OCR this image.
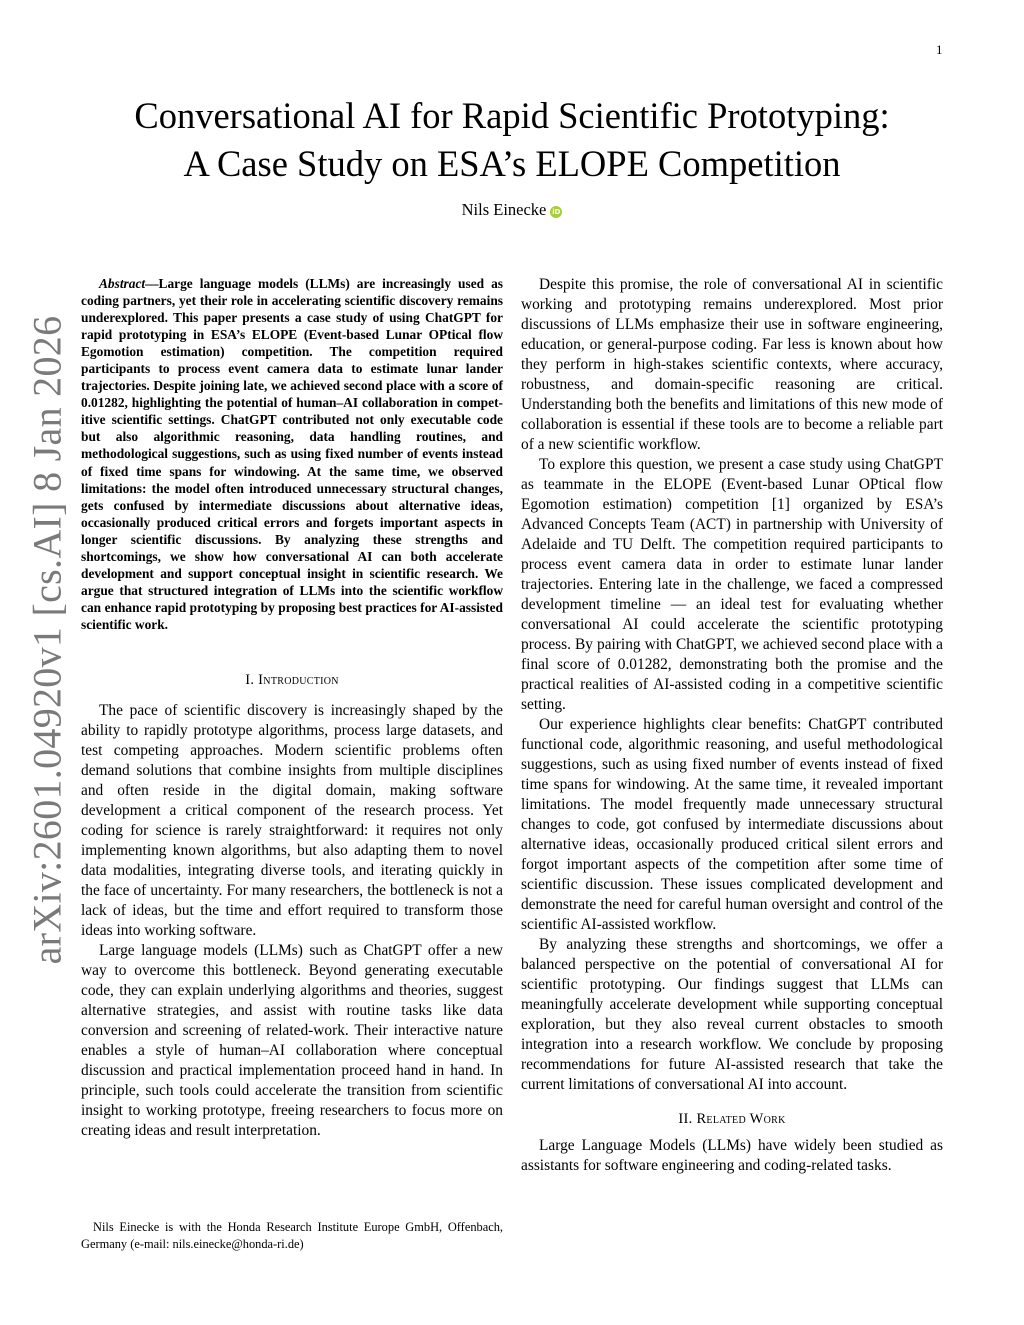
1
arXiv:2601.04920v1 [cs.AI] 8 Jan 2026
Conversational AI for Rapid Scientific Prototyping:
A Case Study on ESA’s ELOPE Competition
Nils Einecke iD

Abstract—Large language models (LLMs) are increasingly used as coding partners, yet their role in accelerating scientific discovery remains underexplored. This paper presents a case study of using ChatGPT for rapid prototyping in ESA’s ELOPE (Event-based Lunar OPtical flow Egomotion estimation) competition. The competition required participants to process event camera data to estimate lunar lander trajectories. Despite joining late, we achieved second place with a score of 0.01282, highlighting the potential of human–AI collaboration in competitive scientific settings. ChatGPT contributed not only executable code but also algorithmic reasoning, data handling routines, and methodological suggestions, such as using fixed number of events instead of fixed time spans for windowing. At the same time, we observed limitations: the model often introduced unnecessary structural changes, gets confused by intermediate discussions about alternative ideas, occasionally produced critical errors and forgets important aspects in longer scientific discussions. By analyzing these strengths and shortcomings, we show how conversational AI can both accelerate development and support conceptual insight in scientific research. We argue that structured integration of LLMs into the scientific workflow can enhance rapid prototyping by proposing best practices for AI-assisted scientific work.

I. Introduction

The pace of scientific discovery is increasingly shaped by the ability to rapidly prototype algorithms, process large datasets, and test competing approaches. Modern scientific problems often demand solutions that combine insights from multiple disciplines and often reside in the digital domain, making software development a critical component of the research process. Yet coding for science is rarely straightforward: it requires not only implementing known algorithms, but also adapting them to novel data modalities, integrating diverse tools, and iterating quickly in the face of uncertainty. For many researchers, the bottleneck is not a lack of ideas, but the time and effort required to transform those ideas into working software.

Large language models (LLMs) such as ChatGPT offer a new way to overcome this bottleneck. Beyond generating executable code, they can explain underlying algorithms and theories, suggest alternative strategies, and assist with routine tasks like data conversion and screening of related-work. Their interactive nature enables a style of human–AI collaboration where conceptual discussion and practical implementation proceed hand in hand. In principle, such tools could accelerate the transition from scientific insight to working prototype, freeing researchers to focus more on creating ideas and result interpretation.

Despite this promise, the role of conversational AI in scientific working and prototyping remains underexplored. Most prior discussions of LLMs emphasize their use in software engineering, education, or general-purpose coding. Far less is known about how they perform in high-stakes scientific contexts, where accuracy, robustness, and domain-specific reasoning are critical. Understanding both the benefits and limitations of this new mode of collaboration is essential if these tools are to become a reliable part of a new scientific workflow.

To explore this question, we present a case study using ChatGPT as teammate in the ELOPE (Event-based Lunar OPtical flow Egomotion estimation) competition [1] organized by ESA’s Advanced Concepts Team (ACT) in partnership with University of Adelaide and TU Delft. The competition required participants to process event camera data in order to estimate lunar lander trajectories. Entering late in the challenge, we faced a compressed development timeline — an ideal test for evaluating whether conversational AI could accelerate the scientific prototyping process. By pairing with ChatGPT, we achieved second place with a final score of 0.01282, demonstrating both the promise and the practical realities of AI-assisted coding in a competitive scientific setting.

Our experience highlights clear benefits: ChatGPT contributed functional code, algorithmic reasoning, and useful methodological suggestions, such as using fixed number of events instead of fixed time spans for windowing. At the same time, it revealed important limitations. The model frequently made unnecessary structural changes to code, got confused by intermediate discussions about alternative ideas, occasionally produced critical silent errors and forgot important aspects of the competition after some time of scientific discussion. These issues complicated development and demonstrate the need for careful human oversight and control of the scientific AI-assisted workflow.

By analyzing these strengths and shortcomings, we offer a balanced perspective on the potential of conversational AI for scientific prototyping. Our findings suggest that LLMs can meaningfully accelerate development while supporting conceptual exploration, but they also reveal current obstacles to smooth integration into a research workflow. We conclude by proposing recommendations for future AI-assisted research that take the current limitations of conversational AI into account.

II. Related Work

Large Language Models (LLMs) have widely been studied as assistants for software engineering and coding-related tasks.

Nils Einecke is with the Honda Research Institute Europe GmbH, Offenbach, Germany (e-mail: nils.einecke@honda-ri.de)
